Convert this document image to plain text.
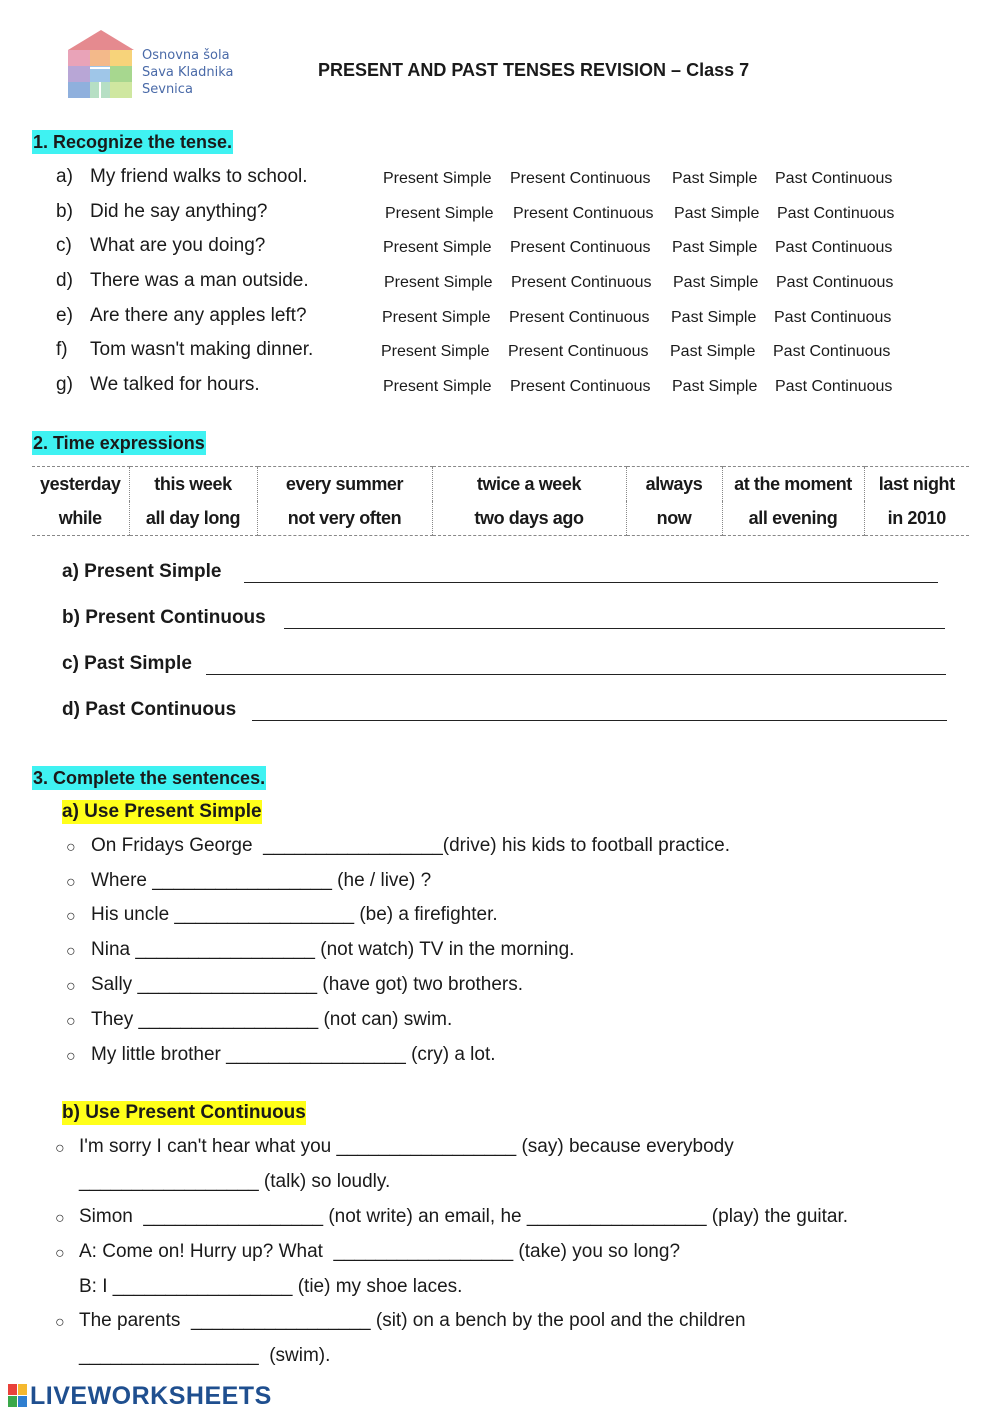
Osnovna šola
Sava Kladnika
Sevnica
PRESENT AND PAST TENSES REVISION – Class 7
1. Recognize the tense.
a) My friend walks to school.	Present Simple Present Continuous Past Simple Past Continuous
b) Did he say anything?	Present Simple Present Continuous Past Simple Past Continuous
c) What are you doing?	Present Simple Present Continuous Past Simple Past Continuous
d) There was a man outside.	Present Simple Present Continuous Past Simple Past Continuous
e) Are there any apples left?	Present Simple Present Continuous Past Simple Past Continuous
f) Tom wasn't making dinner.	Present Simple Present Continuous Past Simple Past Continuous
g) We talked for hours.	Present Simple Present Continuous Past Simple Past Continuous
2. Time expressions
yesterday	this week	every summer	twice a week	always	at the moment	last night
while	all day long	not very often	two days ago	now	all evening	in 2010
a) Present Simple
b) Present Continuous
c) Past Simple
d) Past Continuous
3. Complete the sentences.
a) Use Present Simple
○ On Fridays George  _________________(drive) his kids to football practice.
○ Where _________________ (he / live) ?
○ His uncle _________________ (be) a firefighter.
○ Nina _________________ (not watch) TV in the morning.
○ Sally _________________ (have got) two brothers.
○ They _________________ (not can) swim.
○ My little brother _________________ (cry) a lot.
b) Use Present Continuous
○ I'm sorry I can't hear what you _________________ (say) because everybody
_________________ (talk) so loudly.
○ Simon  _________________ (not write) an email, he _________________ (play) the guitar.
○ A: Come on! Hurry up? What  _________________ (take) you so long?
B: I _________________ (tie) my shoe laces.
○ The parents  _________________ (sit) on a bench by the pool and the children
_________________  (swim).
LIVEWORKSHEETS
